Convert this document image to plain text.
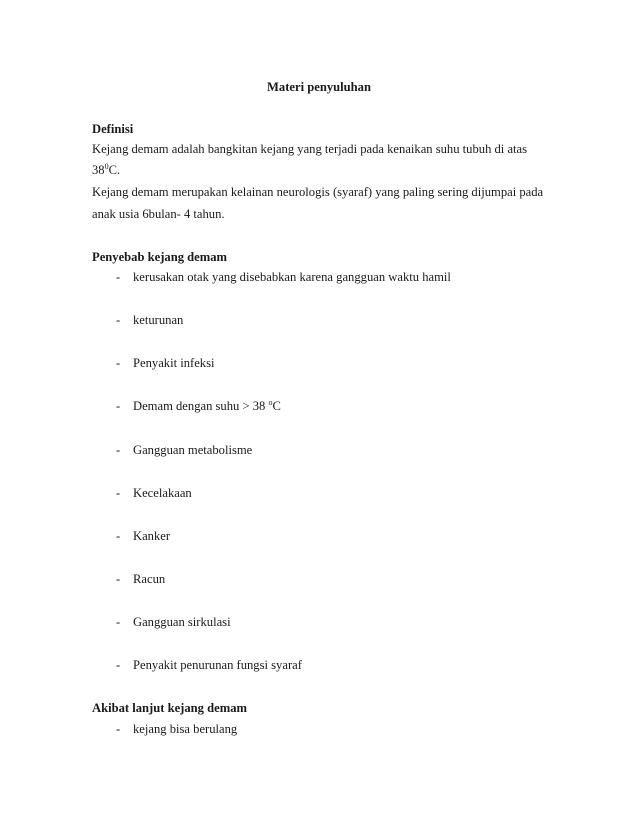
Materi penyuluhan
Definisi
Kejang demam adalah bangkitan kejang yang terjadi pada kenaikan suhu tubuh di atas
$38^0C$.
Kejang demam merupakan kelainan neurologis (syaraf) yang paling sering dijumpai pada
anak usia 6bulan- 4 tahun.
Penyebab kejang demam
- kerusakan otak yang disebabkan karena gangguan waktu hamil
- keturunan
- Penyakit infeksi
- Demam dengan suhu > 38 $^o$C
- Gangguan metabolisme
- Kecelakaan
- Kanker
- Racun
- Gangguan sirkulasi
- Penyakit penurunan fungsi syaraf
Akibat lanjut kejang demam
- kejang bisa berulang
